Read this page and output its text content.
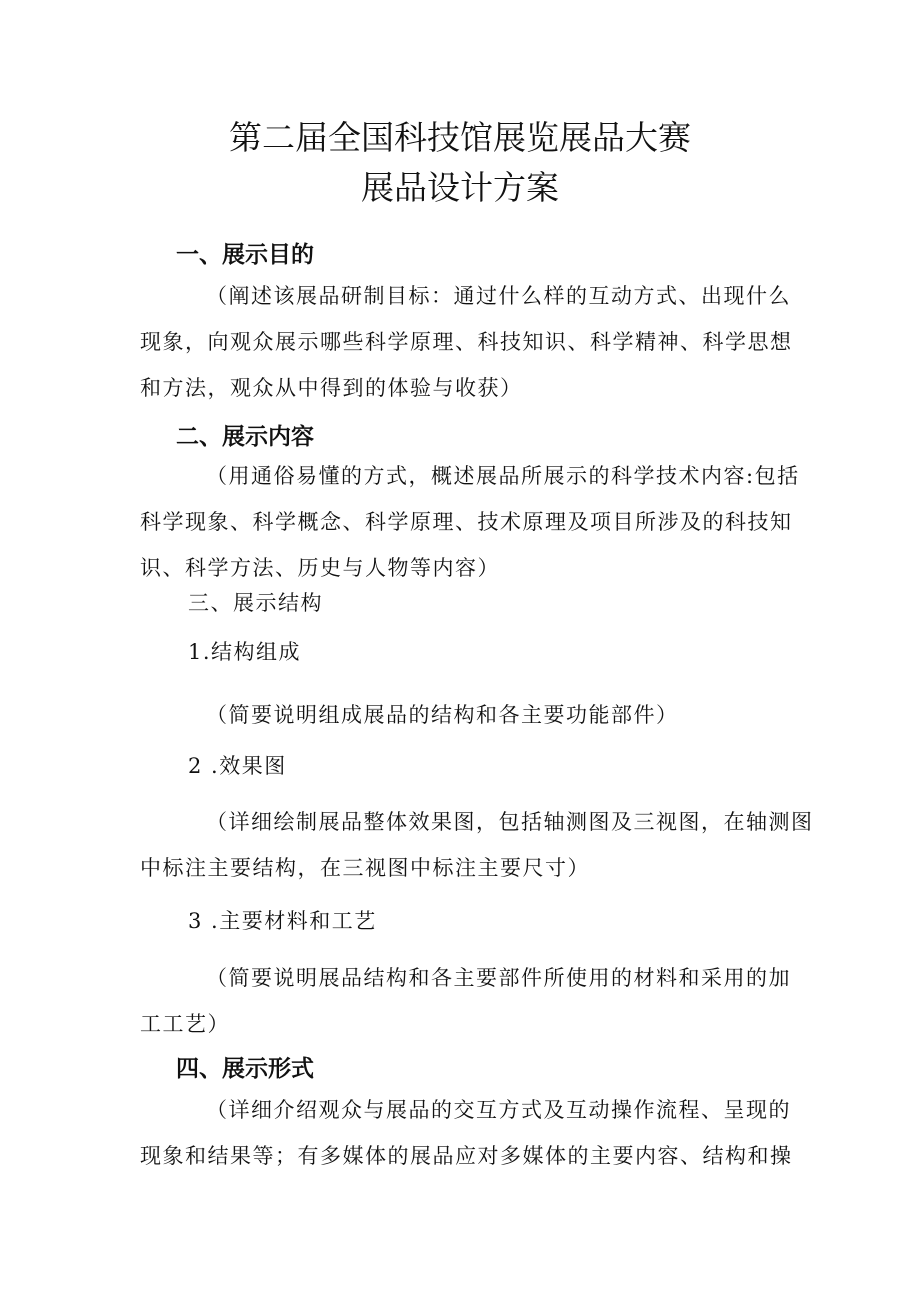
第二届全国科技馆展览展品大赛
展品设计方案
一、展示目的
（阐述该展品研制目标：通过什么样的互动方式、出现什么
现象，向观众展示哪些科学原理、科技知识、科学精神、科学思想
和方法，观众从中得到的体验与收获）
二、展示内容
（用通俗易懂的方式，概述展品所展示的科学技术内容:包括
科学现象、科学概念、科学原理、技术原理及项目所涉及的科技知
识、科学方法、历史与人物等内容）

三、展示结构

1.结构组成

（简要说明组成展品的结构和各主要功能部件）

2 .效果图

（详细绘制展品整体效果图，包括轴测图及三视图，在轴测图
中标注主要结构，在三视图中标注主要尺寸）

3 .主要材料和工艺

（简要说明展品结构和各主要部件所使用的材料和采用的加
工工艺）
四、展示形式
（详细介绍观众与展品的交互方式及互动操作流程、呈现的
现象和结果等；有多媒体的展品应对多媒体的主要内容、结构和操
